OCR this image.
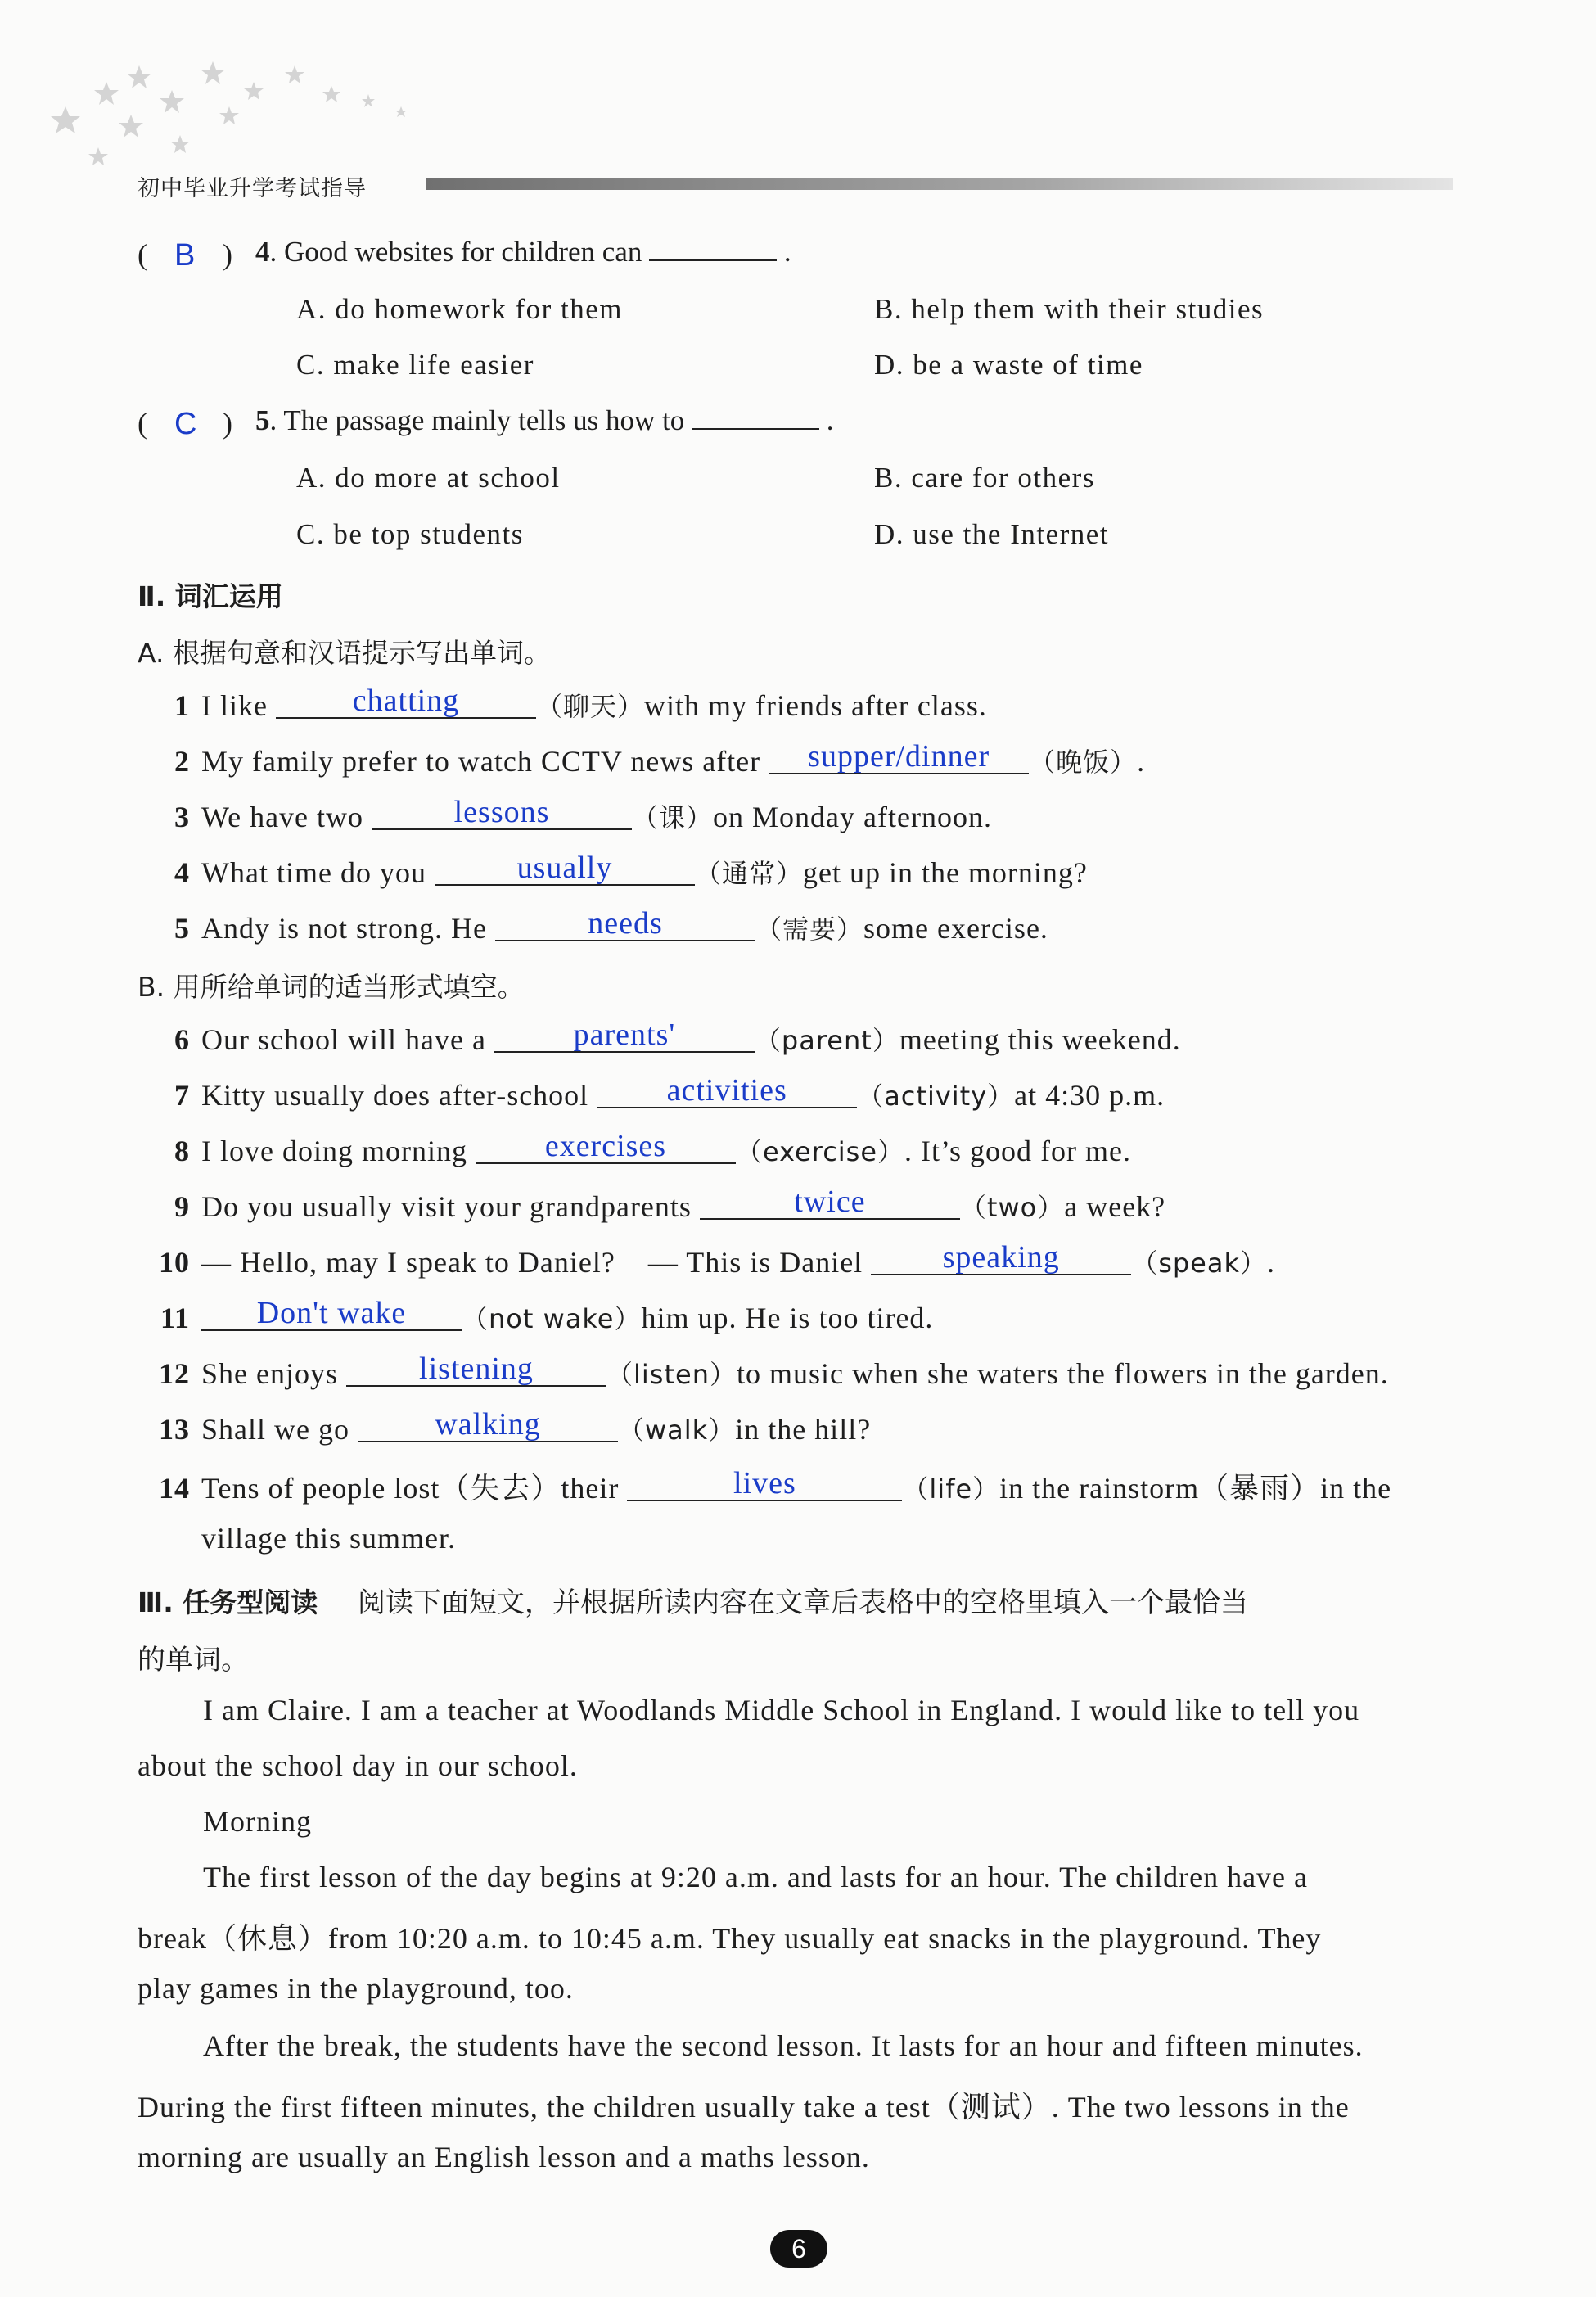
初中毕业升学考试指导
( B ) 4. Good websites for children can	.
A. do homework for them	B. help them with their studies
C. make life easier	D. be a waste of time
( C ) 5. The passage mainly tells us how to	.
A. do more at school	B. care for others
C. be top students	D. use the Internet
Ⅱ. 词汇运用
A. 根据句意和汉语提示写出单词。
1 I like	chatting	（聊天）with my friends after class.
2 My family prefer to watch CCTV news after supper/dinner （晚饭）.
3 We have two	lessons	（课）on Monday afternoon.
4 What time do you	usually	（通常）get up in the morning?
5 Andy is not strong. He	needs	（需要）some exercise.
B. 用所给单词的适当形式填空。
6 Our school will have a	parents'	（parent）meeting this weekend.
7 Kitty usually does after-school	activities	（activity）at 4:30 p.m.
8 I love doing morning exercises	（exercise）. It’s good for me.
9 Do you usually visit your grandparents	twice	（two）a week?
10 — Hello, may I speak to Daniel?    — This is Daniel	speaking	（speak）.
11 Don't wake （not wake）him up. He is too tired.
12 She enjoys	listening	（listen）to music when she waters the flowers in the garden.
13 Shall we go	walking	（walk）in the hill?
14 Tens of people lost（失去）their	lives	（life）in the rainstorm（暴雨）in the
village this summer.
Ⅲ. 任务型阅读 阅读下面短文，并根据所读内容在文章后表格中的空格里填入一个最恰当
的单词。
I am Claire. I am a teacher at Woodlands Middle School in England. I would like to tell you
about the school day in our school.
Morning
The first lesson of the day begins at 9:20 a.m. and lasts for an hour. The children have a
break（休息）from 10:20 a.m. to 10:45 a.m. They usually eat snacks in the playground. They
play games in the playground, too.
After the break, the students have the second lesson. It lasts for an hour and fifteen minutes.
During the first fifteen minutes, the children usually take a test（测试）. The two lessons in the
morning are usually an English lesson and a maths lesson.
6
